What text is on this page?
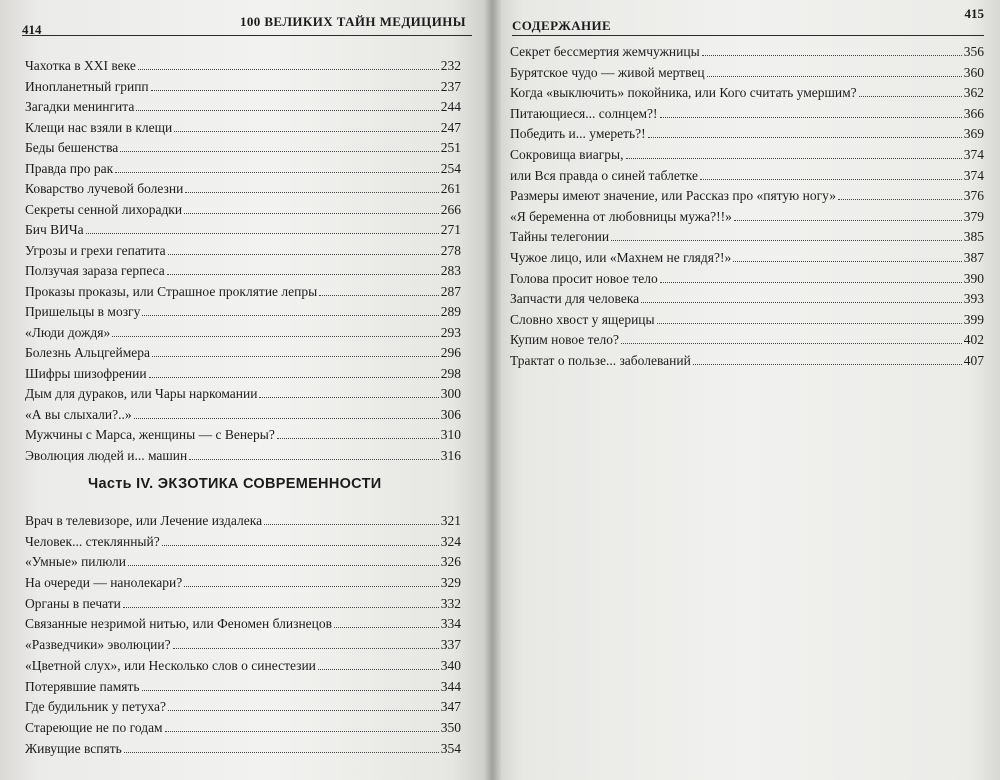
414
100 ВЕЛИКИХ ТАЙН МЕДИЦИНЫ
Чахотка в XXI веке	232
Инопланетный грипп	237
Загадки менингита	244
Клещи нас взяли в клещи	247
Беды бешенства	251
Правда про рак	254
Коварство лучевой болезни	261
Секреты сенной лихорадки	266
Бич ВИЧа	271
Угрозы и грехи гепатита	278
Ползучая зараза герпеса	283
Проказы проказы, или Страшное проклятие лепры	287
Пришельцы в мозгу	289
«Люди дождя»	293
Болезнь Альцгеймера	296
Шифры шизофрении	298
Дым для дураков, или Чары наркомании	300
«А вы слыхали?..»	306
Мужчины с Марса, женщины — с Венеры?	310
Эволюция людей и... машин	316
Часть IV. ЭКЗОТИКА СОВРЕМЕННОСТИ
Врач в телевизоре, или Лечение издалека	321
Человек... стеклянный?	324
«Умные» пилюли	326
На очереди — нанолекари?	329
Органы в печати	332
Связанные незримой нитью, или Феномен близнецов	334
«Разведчики» эволюции?	337
«Цветной слух», или Несколько слов о синестезии	340
Потерявшие память	344
Где будильник у петуха?	347
Стареющие не по годам	350
Живущие вспять	354
СОДЕРЖАНИЕ
415
Секрет бессмертия жемчужницы	356
Бурятское чудо — живой мертвец	360
Когда «выключить» покойника, или Кого считать умершим?	362
Питающиеся... солнцем?!	366
Победить и... умереть?!	369
Сокровища виагры,	374
или Вся правда о синей таблетке	374
Размеры имеют значение, или Рассказ про «пятую ногу»	376
«Я беременна от любовницы мужа?!!»	379
Тайны телегонии	385
Чужое лицо, или «Махнем не глядя?!»	387
Голова просит новое тело	390
Запчасти для человека	393
Словно хвост у ящерицы	399
Купим новое тело?	402
Трактат о пользе... заболеваний	407
